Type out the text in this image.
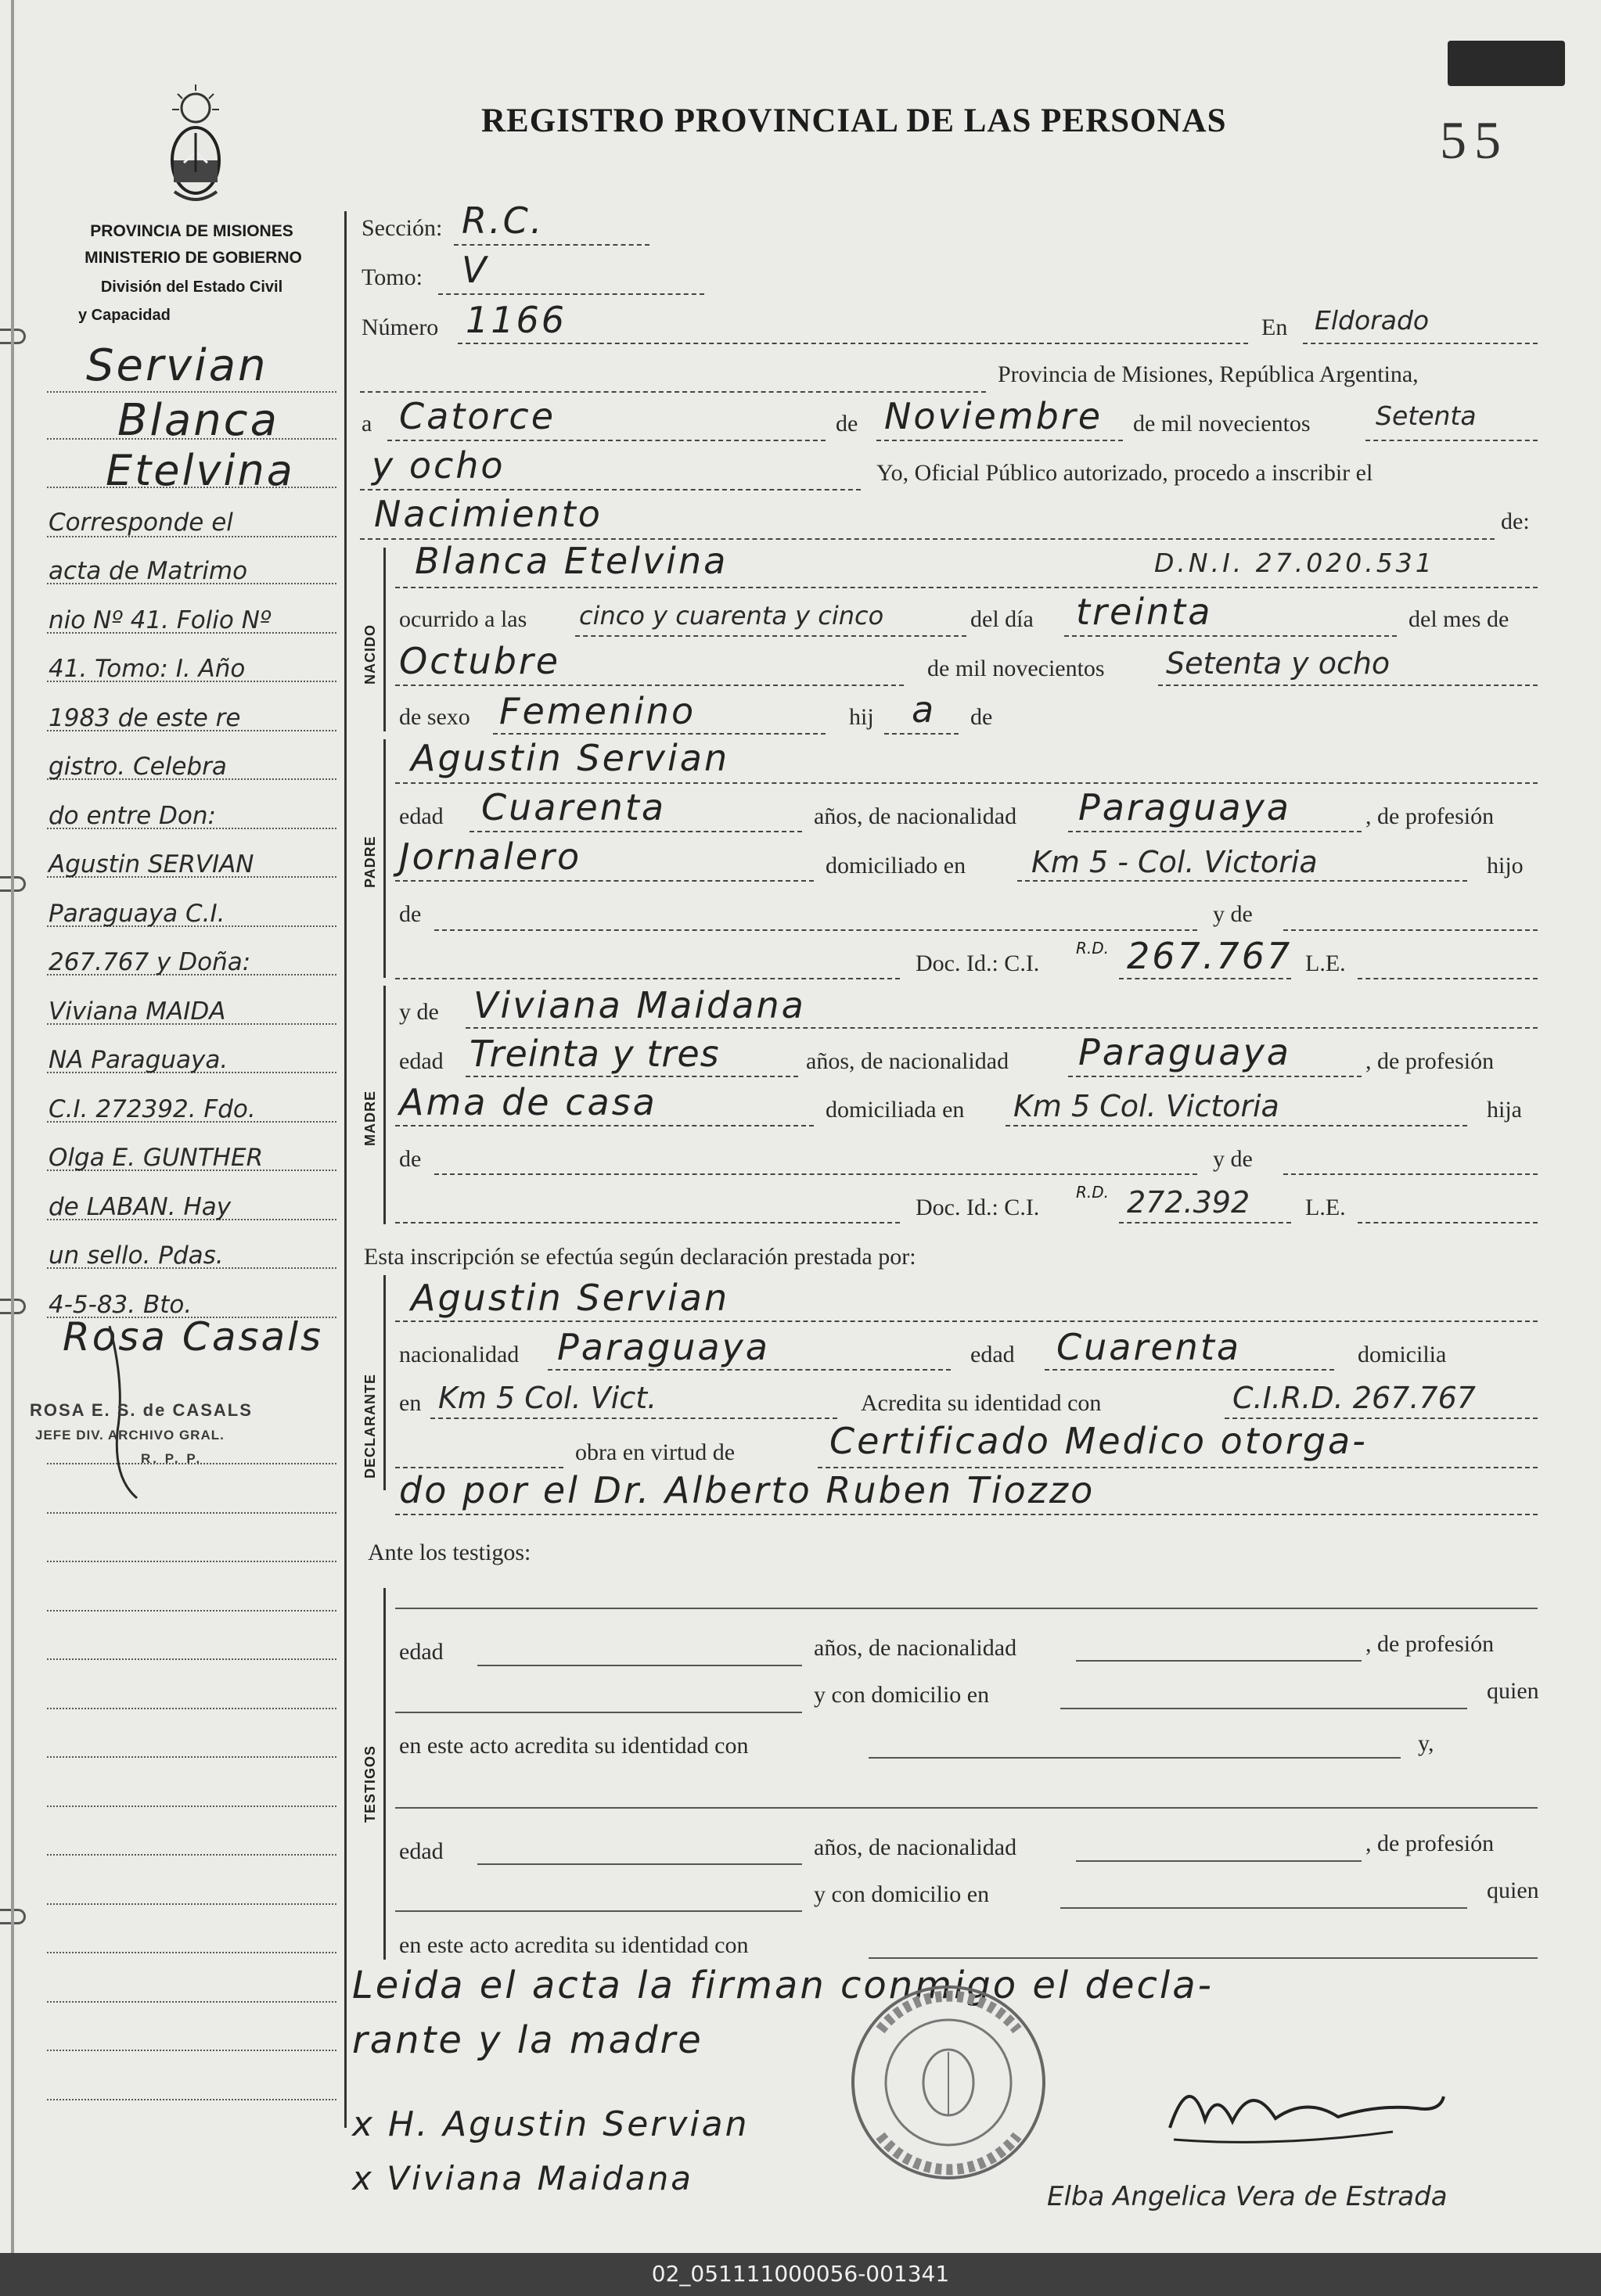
REGISTRO PROVINCIAL DE LAS PERSONAS	55
PROVINCIA DE MISIONES
MINISTERIO DE GOBIERNO
División del Estado Civil
y Capacidad
Servian
Blanca
Etelvina
Corresponde el
acta de Matrimo
nio Nº 41. Folio Nº
41. Tomo: I. Año
1983 de este re
gistro. Celebra
do entre Don:
Agustin SERVIAN
Paraguaya C.I.
267.767 y Doña:
Viviana MAIDA
NA Paraguaya.
C.I. 272392. Fdo.
Olga E. GUNTHER
de LABAN. Hay
un sello. Pdas.
4-5-83. Bto.
Rosa Casals
ROSA E. S. de CASALS
JEFE DIV. ARCHIVO GRAL.
R. P. P.
Sección: R.C.
Tomo: V
Número 1166	En Eldorado
Provincia de Misiones, República Argentina,
a Catorce	de Noviembre de mil novecientos	Setenta
y ocho	Yo, Oficial Público autorizado, procedo a inscribir el
Nacimiento	de:
NACIDO
Blanca Etelvina	D.N.I. 27.020.531
ocurrido a las cinco y cuarenta y cinco	del día treinta	del mes de
Octubre	de mil novecientos Setenta y ocho
de sexo Femenino	hij a de
PADRE
Agustin Servian
edad Cuarenta	años, de nacionalidad Paraguaya	, de profesión
Jornalero	domiciliado en Km 5 - Col. Victoria	hijo
de	y de
Doc. Id.: C.I.
R.D. 267.767 L.E.
MADRE
y de Viviana Maidana
edad Treinta y tres	años, de nacionalidad Paraguaya	, de profesión
Ama de casa	domiciliada en Km 5 Col. Victoria	hija
de	y de
Doc. Id.: C.I.
R.D. 272.392 L.E.
Esta inscripción se efectúa según declaración prestada por:
DECLARANTE
Agustin Servian
nacionalidad Paraguaya	edad Cuarenta	domicilia
en Km 5 Col. Vict.	Acredita su identidad con	C.I.R.D. 267.767
obra en virtud de	Certificado Medico otorga-
do por el Dr. Alberto Ruben Tiozzo
Ante los testigos:
TESTIGOS
edad	años, de nacionalidad	, de profesión
y con domicilio en	quien
en este acto acredita su identidad con	y,
edad	años, de nacionalidad	, de profesión
y con domicilio en	quien
en este acto acredita su identidad con
Leida el acta la firman conmigo el decla-
rante y la madre
x H. Agustin Servian
x Viviana Maidana	Elba Angelica Vera de Estrada
02_051111000056-001341
